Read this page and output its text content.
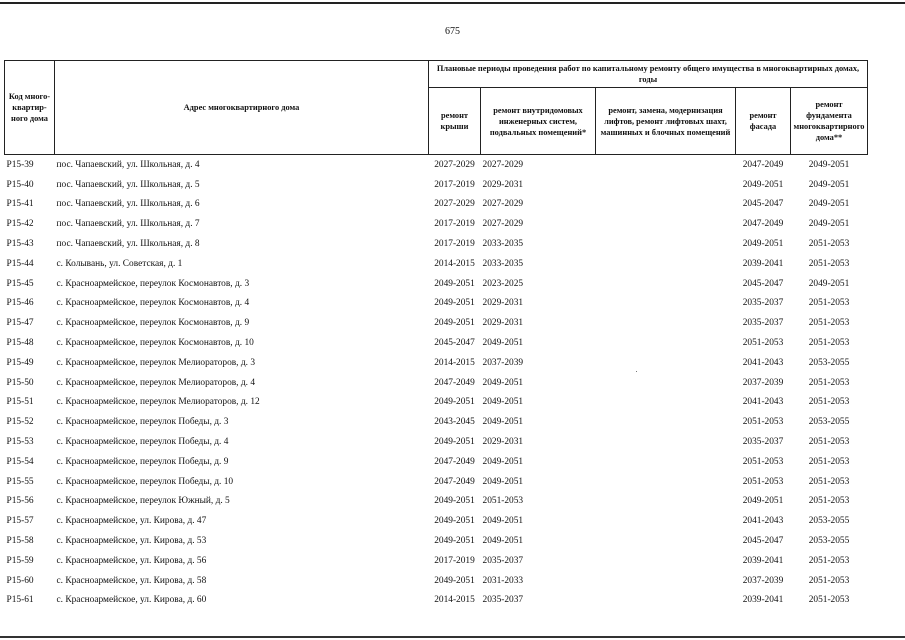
675
Код много-квартир-ного дома	Адрес многоквартирного дома	Плановые периоды проведения работ по капитальному ремонту общего имущества в многоквартирных домах, годы				
		ремонт крыши	ремонт внутридомовых инженерных систем, подвальных помещений*	ремонт, замена, модернизация лифтов, ремонт лифтовых шахт, машинных и блочных помещений	ремонт фасада	ремонт фундамента многоквартирного дома**
P15-39	пос. Чапаевский, ул. Школьная, д. 4	2027-2029	2027-2029		2047-2049	2049-2051
P15-40	пос. Чапаевский, ул. Школьная, д. 5	2017-2019	2029-2031		2049-2051	2049-2051
P15-41	пос. Чапаевский, ул. Школьная, д. 6	2027-2029	2027-2029		2045-2047	2049-2051
P15-42	пос. Чапаевский, ул. Школьная, д. 7	2017-2019	2027-2029		2047-2049	2049-2051
P15-43	пос. Чапаевский, ул. Школьная, д. 8	2017-2019	2033-2035		2049-2051	2051-2053
P15-44	с. Колывань, ул. Советская, д. 1	2014-2015	2033-2035		2039-2041	2051-2053
P15-45	с. Красноармейское, переулок Космонавтов, д. 3	2049-2051	2023-2025		2045-2047	2049-2051
P15-46	с. Красноармейское, переулок Космонавтов, д. 4	2049-2051	2029-2031		2035-2037	2051-2053
P15-47	с. Красноармейское, переулок Космонавтов, д. 9	2049-2051	2029-2031		2035-2037	2051-2053
P15-48	с. Красноармейское, переулок Космонавтов, д. 10	2045-2047	2049-2051		2051-2053	2051-2053
P15-49	с. Красноармейское, переулок Мелиораторов, д. 3	2014-2015	2037-2039		2041-2043	2053-2055
P15-50	с. Красноармейское, переулок Мелиораторов, д. 4	2047-2049	2049-2051		2037-2039	2051-2053
P15-51	с. Красноармейское, переулок Мелиораторов, д. 12	2049-2051	2049-2051		2041-2043	2051-2053
P15-52	с. Красноармейское, переулок Победы, д. 3	2043-2045	2049-2051		2051-2053	2053-2055
P15-53	с. Красноармейское, переулок Победы, д. 4	2049-2051	2029-2031		2035-2037	2051-2053
P15-54	с. Красноармейское, переулок Победы, д. 9	2047-2049	2049-2051		2051-2053	2051-2053
P15-55	с. Красноармейское, переулок Победы, д. 10	2047-2049	2049-2051		2051-2053	2051-2053
P15-56	с. Красноармейское, переулок Южный, д. 5	2049-2051	2051-2053		2049-2051	2051-2053
P15-57	с. Красноармейское, ул. Кирова, д. 47	2049-2051	2049-2051		2041-2043	2053-2055
P15-58	с. Красноармейское, ул. Кирова, д. 53	2049-2051	2049-2051		2045-2047	2053-2055
P15-59	с. Красноармейское, ул. Кирова, д. 56	2017-2019	2035-2037		2039-2041	2051-2053
P15-60	с. Красноармейское, ул. Кирова, д. 58	2049-2051	2031-2033		2037-2039	2051-2053
P15-61	с. Красноармейское, ул. Кирова, д. 60	2014-2015	2035-2037		2039-2041	2051-2053
